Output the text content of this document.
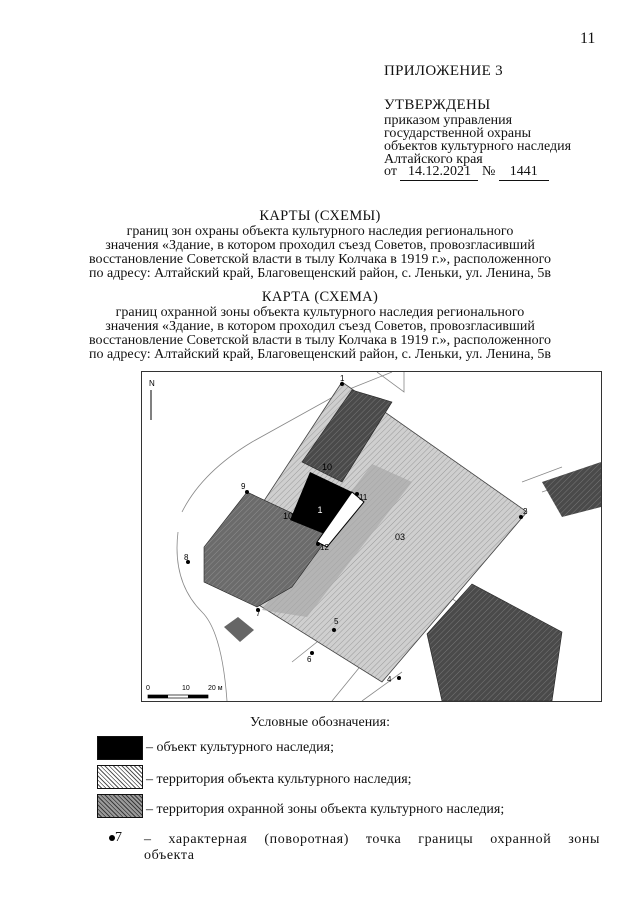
11
ПРИЛОЖЕНИЕ 3
УТВЕРЖДЕНЫ
приказом управления
государственной охраны
объектов культурного наследия
Алтайского края
от 14.12.2021 № 1441
КАРТЫ (СХЕМЫ)
границ зон охраны объекта культурного наследия регионального
значения «Здание, в котором проходил съезд Советов, провозгласивший
восстановление Советской власти в тылу Колчака в 1919 г.», расположенного
по адресу: Алтайский край, Благовещенский район, с. Леньки, ул. Ленина, 5в
КАРТА (СХЕМА)
границ охранной зоны объекта культурного наследия регионального
значения «Здание, в котором проходил съезд Советов, провозгласивший
восстановление Советской власти в тылу Колчака в 1919 г.», расположенного
по адресу: Алтайский край, Благовещенский район, с. Леньки, ул. Ленина, 5в
10
10
1
03
N
1
2
4
5
6
7
8
9
11
12
0	10	20 м
Условные обозначения:
– объект культурного наследия;
– территория объекта культурного наследия;
– территория охранной зоны объекта культурного наследия;
7 – характерная (поворотная) точка границы охранной зоны объекта
